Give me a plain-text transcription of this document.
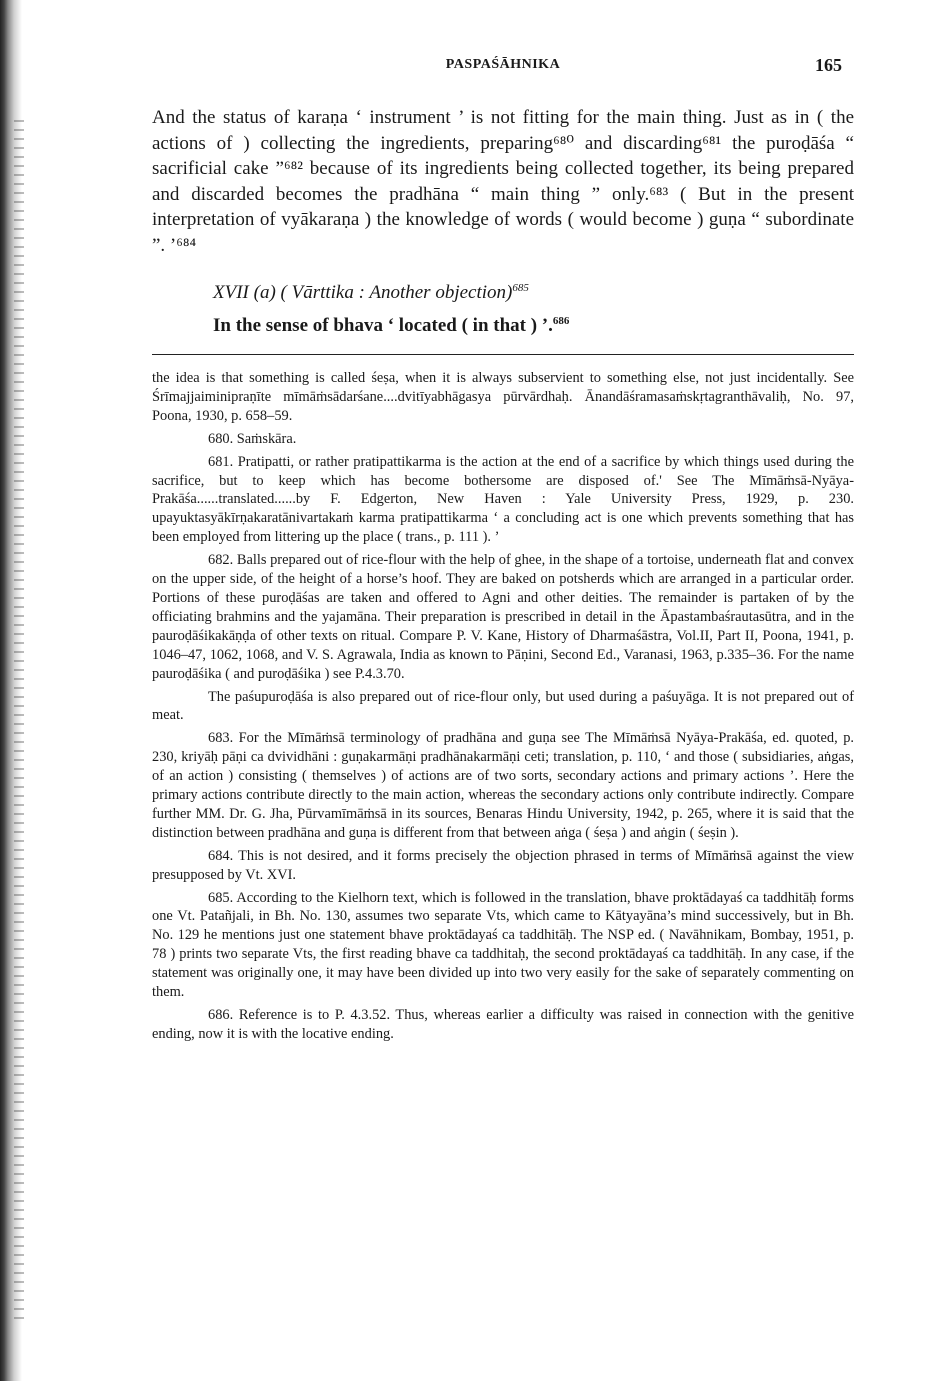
PASPAŚĀHNIKA	165

And the status of karaṇa ‘ instrument ’ is not fitting for the main thing. Just as in ( the actions of ) collecting the ingredients, preparing⁶⁸⁰ and discarding⁶⁸¹ the puroḍāśa “ sacrificial cake ”⁶⁸² because of its ingredients being collected together, its being prepared and discarded becomes the pradhāna “ main thing ” only.⁶⁸³ ( But in the present interpretation of vyākaraṇa ) the knowledge of words ( would become ) guṇa “ subordinate ”. ’⁶⁸⁴

XVII (a) ( Vārttika : Another objection)$^{685}$

In the sense of bhava ‘ located ( in that ) ’.$^{686}$

the idea is that something is called śeṣa, when it is always subservient to something else, not just incidentally. See Śrīmajjaiminipraṇīte mīmāṁsādarśane....dvitīyabhāgasya pūrvārdhaḥ. Ānandāśramasaṁskṛtagranthāvaliḥ, No. 97, Poona, 1930, p. 658–59.

680. Saṁskāra.

681. Pratipatti, or rather pratipattikarma is the action at the end of a sacrifice by which things used during the sacrifice, but to keep which has become bothersome are disposed of.' See The Mīmāṁsā-Nyāya-Prakāśa......translated......by F. Edgerton, New Haven : Yale University Press, 1929, p. 230. upayuktasyākīrṇakaratānivartakaṁ karma pratipattikarma ‘ a concluding act is one which prevents something that has been employed from littering up the place ( trans., p. 111 ). ’

682. Balls prepared out of rice-flour with the help of ghee, in the shape of a tortoise, underneath flat and convex on the upper side, of the height of a horse’s hoof. They are baked on potsherds which are arranged in a particular order. Portions of these puroḍāśas are taken and offered to Agni and other deities. The remainder is partaken of by the officiating brahmins and the yajamāna. Their preparation is prescribed in detail in the Āpastambaśrautasūtra, and in the pauroḍāśikakāṇḍa of other texts on ritual. Compare P. V. Kane, History of Dharmaśāstra, Vol.II, Part II, Poona, 1941, p. 1046–47, 1062, 1068, and V. S. Agrawala, India as known to Pāṇini, Second Ed., Varanasi, 1963, p.335–36. For the name pauroḍāśika ( and puroḍāśika ) see P.4.3.70.

The paśupuroḍāśa is also prepared out of rice-flour only, but used during a paśuyāga. It is not prepared out of meat.

683. For the Mīmāṁsā terminology of pradhāna and guṇa see The Mīmāṁsā Nyāya-Prakāśa, ed. quoted, p. 230, kriyāḥ pāṇi ca dvividhāni : guṇakarmāṇi pradhānakarmāṇi ceti; translation, p. 110, ‘ and those ( subsidiaries, aṅgas, of an action ) consisting ( themselves ) of actions are of two sorts, secondary actions and primary actions ’. Here the primary actions contribute directly to the main action, whereas the secondary actions only contribute indirectly. Compare further MM. Dr. G. Jha, Pūrvamīmāṁsā in its sources, Benaras Hindu University, 1942, p. 265, where it is said that the distinction between pradhāna and guṇa is different from that between aṅga ( śeṣa ) and aṅgin ( śeṣin ).

684. This is not desired, and it forms precisely the objection phrased in terms of Mīmāṁsā against the view presupposed by Vt. XVI.

685. According to the Kielhorn text, which is followed in the translation, bhave proktādayaś ca taddhitāḥ forms one Vt. Patañjali, in Bh. No. 130, assumes two separate Vts, which came to Kātyayāna’s mind successively, but in Bh. No. 129 he mentions just one statement bhave proktādayaś ca taddhitāḥ. The NSP ed. ( Navāhnikam, Bombay, 1951, p. 78 ) prints two separate Vts, the first reading bhave ca taddhitaḥ, the second proktādayaś ca taddhitāḥ. In any case, if the statement was originally one, it may have been divided up into two very easily for the sake of separately commenting on them.

686. Reference is to P. 4.3.52. Thus, whereas earlier a difficulty was raised in connection with the genitive ending, now it is with the locative ending.
